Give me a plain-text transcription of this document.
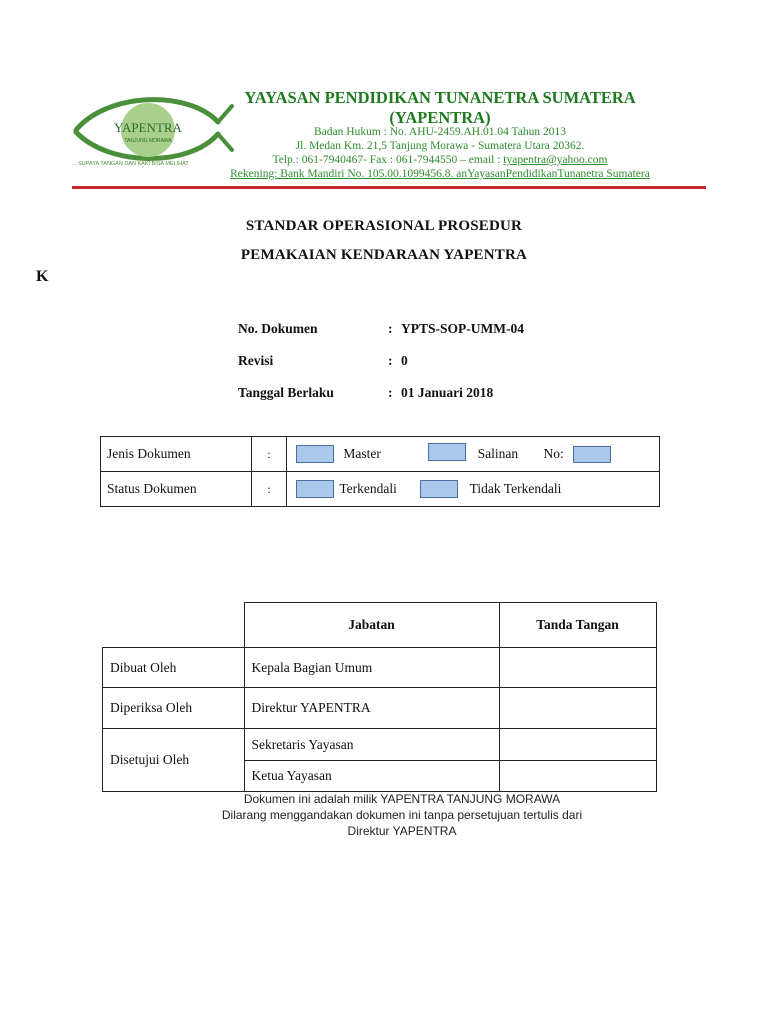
YAPENTRA
TANJUNG MORAWA
... SUPAYA TANGAN DAN KAKI BISA MELIHAT
YAYASAN PENDIDIKAN TUNANETRA SUMATERA
(YAPENTRA)
Badan Hukum : No. AHU-2459.AH.01.04 Tahun 2013
Jl. Medan Km. 21,5 Tanjung Morawa - Sumatera Utara 20362.
Telp.: 061-7940467- Fax : 061-7944550 – email : tyapentra@yahoo.com
Rekening: Bank Mandiri No. 105.00.1099456.8. anYayasanPendidikanTunanetra Sumatera
STANDAR OPERASIONAL PROSEDUR
PEMAKAIAN KENDARAAN YAPENTRA
K
No. Dokumen	: YPTS-SOP-UMM-04
Revisi	: 0
Tanggal Berlaku	: 01 Januari 2018
Jenis Dokumen	:	Master Salinan No:
Status Dokumen	:	Terkendali Tidak Terkendali
	Jabatan	Tanda Tangan
Dibuat Oleh	Kepala Bagian Umum	
Diperiksa Oleh	Direktur YAPENTRA	
Disetujui Oleh	Sekretaris Yayasan	
	Ketua Yayasan	
Dokumen ini adalah milik YAPENTRA TANJUNG MORAWA
Dilarang menggandakan dokumen ini tanpa persetujuan tertulis dari
Direktur YAPENTRA
